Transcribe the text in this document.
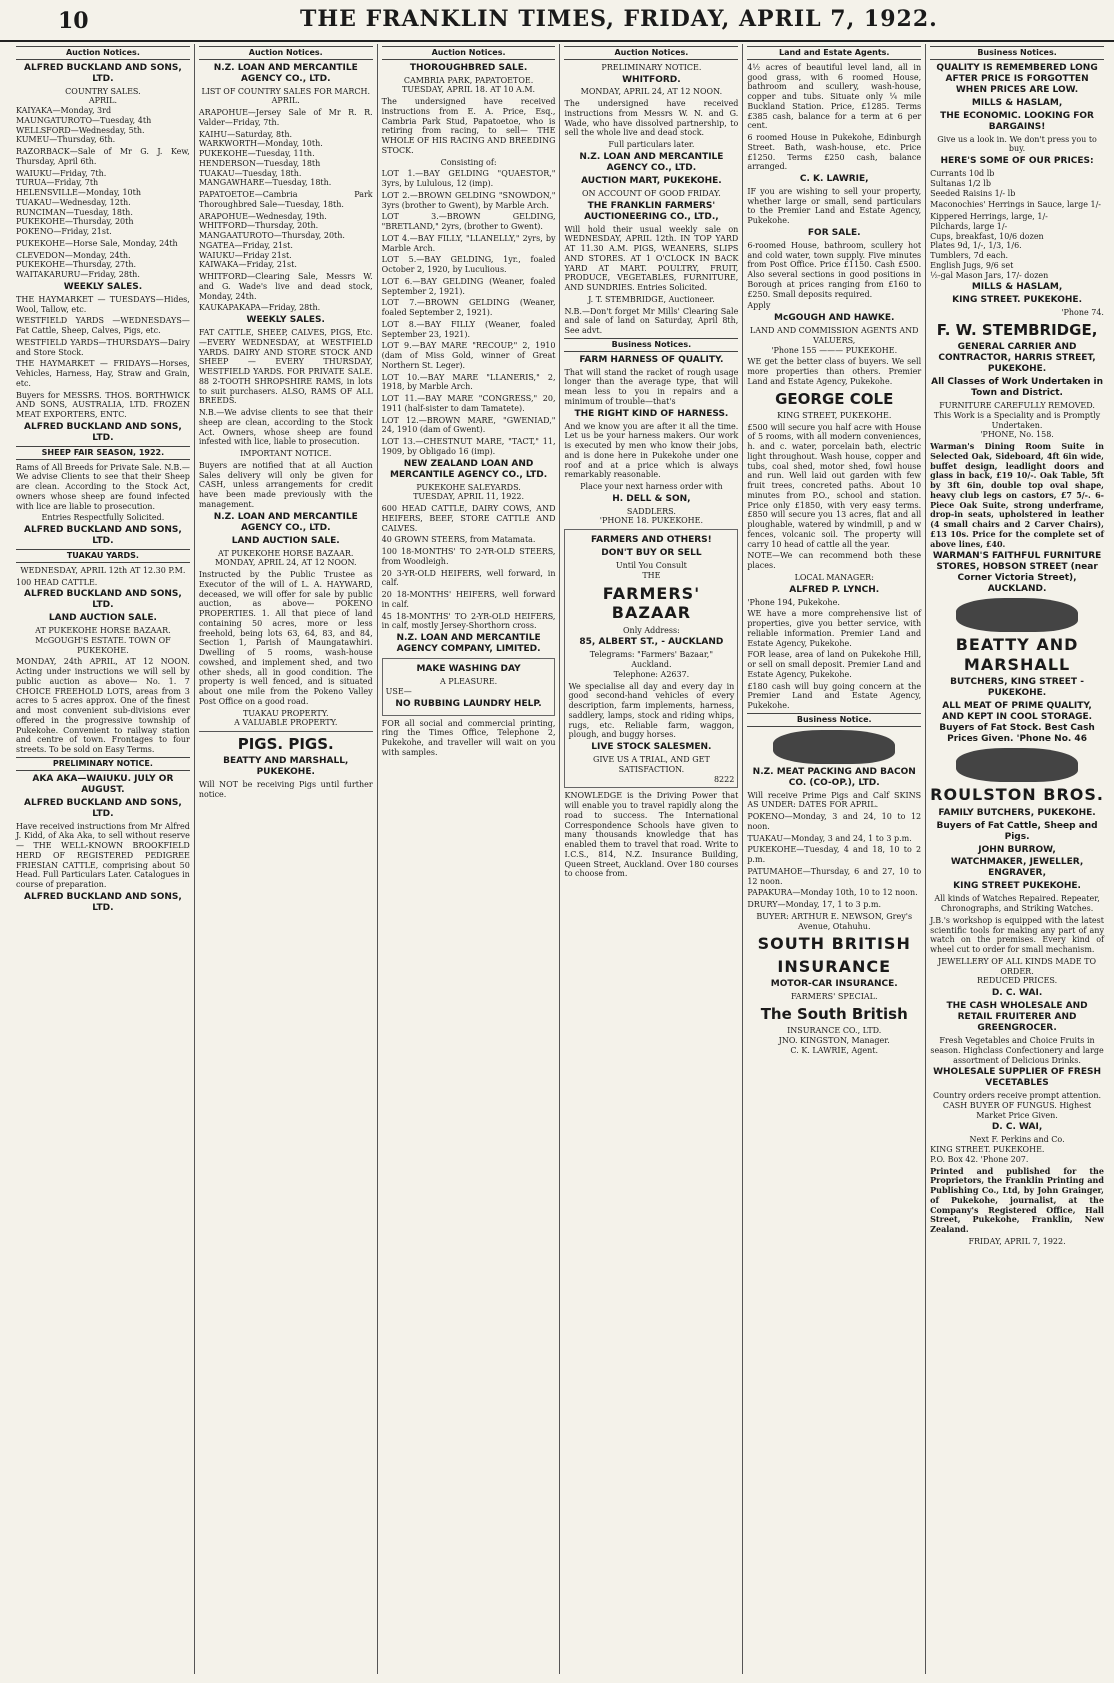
10	THE FRANKLIN TIMES, FRIDAY, APRIL 7, 1922.
Auction Notices.
ALFRED BUCKLAND AND SONS, LTD.
COUNTRY SALES.
APRIL.
KAIYAKA—Monday, 3rd
MAUNGATUROTO—Tuesday, 4th
WELLSFORD—Wednesday, 5th.
KUMEU—Thursday, 6th.
RAZORBACK—Sale of Mr G. J. Kew, Thursday, April 6th.
WAIUKU—Friday, 7th.
TURUA—Friday, 7th
HELENSVILLE—Monday, 10th
TUAKAU—Wednesday, 12th.
RUNCIMAN—Tuesday, 18th.
PUKEKOHE—Thursday, 20th
POKENO—Friday, 21st.
PUKEKOHE—Horse Sale, Monday, 24th
CLEVEDON—Monday, 24th.
PUKEKOHE—Thursday, 27th.
WAITAKARURU—Friday, 28th.
WEEKLY SALES.
THE HAYMARKET — TUESDAYS—Hides, Wool, Tallow, etc.
WESTFIELD YARDS —WEDNESDAYS—Fat Cattle, Sheep, Calves, Pigs, etc.
WESTFIELD YARDS—THURSDAYS—Dairy and Store Stock.
THE HAYMARKET — FRIDAYS—Horses, Vehicles, Harness, Hay, Straw and Grain, etc.
Buyers for MESSRS. THOS. BORTHWICK AND SONS, AUSTRALIA, LTD. FROZEN MEAT EXPORTERS, ENTC.
ALFRED BUCKLAND AND SONS, LTD.
SHEEP FAIR SEASON, 1922.
Rams of All Breeds for Private Sale. N.B.—We advise Clients to see that their Sheep are clean. According to the Stock Act, owners whose sheep are found infected with lice are liable to prosecution.
Entries Respectfully Solicited.
ALFRED BUCKLAND AND SONS, LTD.
TUAKAU YARDS.
WEDNESDAY, APRIL 12th AT 12.30 P.M.
100 HEAD CATTLE.
ALFRED BUCKLAND AND SONS, LTD.
LAND AUCTION SALE.
AT PUKEKOHE HORSE BAZAAR. McGOUGH'S ESTATE. TOWN OF PUKEKOHE.
MONDAY, 24th APRIL, AT 12 NOON. Acting under instructions we will sell by public auction as above— No. 1. 7 CHOICE FREEHOLD LOTS, areas from 3 acres to 5 acres approx. One of the finest and most convenient sub-divisions ever offered in the progressive township of Pukekohe. Convenient to railway station and centre of town. Frontages to four streets. To be sold on Easy Terms.
PRELIMINARY NOTICE.
AKA AKA—WAIUKU. JULY OR AUGUST.
ALFRED BUCKLAND AND SONS, LTD.
Have received instructions from Mr Alfred J. Kidd, of Aka Aka, to sell without reserve— THE WELL-KNOWN BROOKFIELD HERD OF REGISTERED PEDIGREE FRIESIAN CATTLE, comprising about 50 Head. Full Particulars Later. Catalogues in course of preparation.
ALFRED BUCKLAND AND SONS, LTD.
Auction Notices.
N.Z. LOAN AND MERCANTILE AGENCY CO., LTD.
LIST OF COUNTRY SALES FOR MARCH.
APRIL.
ARAPOHUE—Jersey Sale of Mr R. R. Valder—Friday, 7th.
KAIHU—Saturday, 8th.
WARKWORTH—Monday, 10th.
PUKEKOHE—Tuesday, 11th.
HENDERSON—Tuesday, 18th
TUAKAU—Tuesday, 18th.
MANGAWHARE—Tuesday, 18th.
PAPATOETOE—Cambria Park Thoroughbred Sale—Tuesday, 18th.
ARAPOHUE—Wednesday, 19th.
WHITFORD—Thursday, 20th.
MANGAATUROTO—Thursday, 20th.
NGATEA—Friday, 21st.
WAIUKU—Friday 21st.
KAIWAKA—Friday, 21st.
WHITFORD—Clearing Sale, Messrs W. and G. Wade's live and dead stock, Monday, 24th.
KAUKAPAKAPA—Friday, 28th.
WEEKLY SALES.
FAT CATTLE, SHEEP, CALVES, PIGS, Etc.—EVERY WEDNESDAY, at WESTFIELD YARDS. DAIRY AND STORE STOCK AND SHEEP — EVERY THURSDAY, WESTFIELD YARDS. FOR PRIVATE SALE. 88 2-TOOTH SHROPSHIRE RAMS, in lots to suit purchasers. ALSO, RAMS OF ALL BREEDS.
N.B.—We advise clients to see that their sheep are clean, according to the Stock Act. Owners, whose sheep are found infested with lice, liable to prosecution.
IMPORTANT NOTICE.
Buyers are notified that at all Auction Sales delivery will only be given for CASH, unless arrangements for credit have been made previously with the management.
N.Z. LOAN AND MERCANTILE AGENCY CO., LTD.
LAND AUCTION SALE.
AT PUKEKOHE HORSE BAZAAR. MONDAY, APRIL 24, AT 12 NOON.
Instructed by the Public Trustee as Executor of the will of L. A. HAYWARD, deceased, we will offer for sale by public auction, as above— POKENO PROPERTIES. 1. All that piece of land containing 50 acres, more or less freehold, being lots 63, 64, 83, and 84, Section 1, Parish of Maungatawhiri. Dwelling of 5 rooms, wash-house cowshed, and implement shed, and two other sheds, all in good condition. The property is well fenced, and is situated about one mile from the Pokeno Valley Post Office on a good road.
TUAKAU PROPERTY.
A VALUABLE PROPERTY.
PIGS. PIGS.
BEATTY AND MARSHALL, PUKEKOHE.
Will NOT be receiving Pigs until further notice.
Auction Notices.
THOROUGHBRED SALE.
CAMBRIA PARK, PAPATOETOE.
TUESDAY, APRIL 18. AT 10 A.M.
The undersigned have received instructions from E. A. Price, Esq., Cambria Park Stud, Papatoetoe, who is retiring from racing, to sell— THE WHOLE OF HIS RACING AND BREEDING STOCK.
Consisting of:
LOT 1.—BAY GELDING "QUAESTOR," 3yrs, by Lululous, 12 (imp).
LOT 2.—BROWN GELDING "SNOWDON," 3yrs (brother to Gwent), by Marble Arch.
LOT 3.—BROWN GELDING, "BRETLAND," 2yrs, (brother to Gwent).
LOT 4.—BAY FILLY, "LLANELLY," 2yrs, by Marble Arch.
LOT 5.—BAY GELDING, 1yr., foaled October 2, 1920, by Luculious.
LOT 6.—BAY GELDING (Weaner, foaled September 2, 1921).
LOT 7.—BROWN GELDING (Weaner, foaled September 2, 1921).
LOT 8.—BAY FILLY (Weaner, foaled September 23, 1921).
LOT 9.—BAY MARE "RECOUP," 2, 1910 (dam of Miss Gold, winner of Great Northern St. Leger).
LOT 10.—BAY MARE "LLANERIS," 2, 1918, by Marble Arch.
LOT 11.—BAY MARE "CONGRESS," 20, 1911 (half-sister to dam Tamatete).
LOT 12.—BROWN MARE, "GWENIAD," 24, 1910 (dam of Gwent).
LOT 13.—CHESTNUT MARE, "TACT," 11, 1909, by Obligado 16 (imp).
NEW ZEALAND LOAN AND MERCANTILE AGENCY CO., LTD.
PUKEKOHE SALEYARDS.
TUESDAY, APRIL 11, 1922.
600 HEAD CATTLE, DAIRY COWS, AND HEIFERS, BEEF, STORE CATTLE AND CALVES.
40 GROWN STEERS, from Matamata.
100 18-MONTHS' TO 2-YR-OLD STEERS, from Woodleigh.
20 3-YR-OLD HEIFERS, well forward, in calf.
20 18-MONTHS' HEIFERS, well forward in calf.
45 18-MONTHS' TO 2-YR-OLD HEIFERS, in calf, mostly Jersey-Shorthorn cross.
N.Z. LOAN AND MERCANTILE AGENCY COMPANY, LIMITED.
MAKE WASHING DAY
A PLEASURE.
USE—
NO RUBBING LAUNDRY HELP.
FOR all social and commercial printing, ring the Times Office, Telephone 2, Pukekohe, and traveller will wait on you with samples.
Auction Notices.
PRELIMINARY NOTICE.
WHITFORD.
MONDAY, APRIL 24, AT 12 NOON.
The undersigned have received instructions from Messrs W. N. and G. Wade, who have dissolved partnership, to sell the whole live and dead stock.
Full particulars later.
N.Z. LOAN AND MERCANTILE AGENCY CO., LTD.
AUCTION MART, PUKEKOHE.
ON ACCOUNT OF GOOD FRIDAY.
THE FRANKLIN FARMERS' AUCTIONEERING CO., LTD.,
Will hold their usual weekly sale on WEDNESDAY, APRIL 12th. IN TOP YARD AT 11.30 A.M. PIGS, WEANERS, SLIPS AND STORES. AT 1 O'CLOCK IN BACK YARD AT MART. POULTRY, FRUIT, PRODUCE, VEGETABLES, FURNITURE, AND SUNDRIES. Entries Solicited.
J. T. STEMBRIDGE, Auctioneer.
N.B.—Don't forget Mr Mills' Clearing Sale and sale of land on Saturday, April 8th, See advt.
Business Notices.
FARM HARNESS OF QUALITY.
That will stand the racket of rough usage longer than the average type, that will mean less to you in repairs and a minimum of trouble—that's
THE RIGHT KIND OF HARNESS.
And we know you are after it all the time. Let us be your harness makers. Our work is executed by men who know their jobs, and is done here in Pukekohe under one roof and at a price which is always remarkably reasonable.
Place your next harness order with
H. DELL & SON,
SADDLERS.
'PHONE 18. PUKEKOHE.
FARMERS AND OTHERS!
DON'T BUY OR SELL
Until You Consult
THE
FARMERS' BAZAAR
Only Address:
85, ALBERT ST., - AUCKLAND
Telegrams: "Farmers' Bazaar," Auckland.
Telephone: A2637.
We specialise all day and every day in good second-hand vehicles of every description, farm implements, harness, saddlery, lamps, stock and riding whips, rugs, etc. Reliable farm, waggon, plough, and buggy horses.
LIVE STOCK SALESMEN.
GIVE US A TRIAL, AND GET SATISFACTION.
8222
KNOWLEDGE is the Driving Power that will enable you to travel rapidly along the road to success. The International Correspondence Schools have given to many thousands knowledge that has enabled them to travel that road. Write to I.C.S., 814, N.Z. Insurance Building, Queen Street, Auckland. Over 180 courses to choose from.
Land and Estate Agents.
4½ acres of beautiful level land, all in good grass, with 6 roomed House, bathroom and scullery, wash-house, copper and tubs. Situate only ¼ mile Buckland Station. Price, £1285. Terms £385 cash, balance for a term at 6 per cent.
6 roomed House in Pukekohe, Edinburgh Street. Bath, wash-house, etc. Price £1250. Terms £250 cash, balance arranged.
C. K. LAWRIE,
IF you are wishing to sell your property, whether large or small, send particulars to the Premier Land and Estate Agency, Pukekohe.
FOR SALE.
6-roomed House, bathroom, scullery hot and cold water, town supply. Five minutes from Post Office. Price £1150. Cash £500. Also several sections in good positions in Borough at prices ranging from £160 to £250. Small deposits required.
Apply
McGOUGH AND HAWKE.
LAND AND COMMISSION AGENTS AND VALUERS,
'Phone 155 ——— PUKEKOHE.
WE get the better class of buyers. We sell more properties than others. Premier Land and Estate Agency, Pukekohe.
GEORGE COLE
KING STREET, PUKEKOHE.
£500 will secure you half acre with House of 5 rooms, with all modern conveniences, h. and c. water, porcelain bath, electric light throughout. Wash house, copper and tubs, coal shed, motor shed, fowl house and run. Well laid out garden with few fruit trees, concreted paths. About 10 minutes from P.O., school and station. Price only £1850, with very easy terms. £850 will secure you 13 acres, flat and all ploughable, watered by windmill, p and w fences, volcanic soil. The property will carry 10 head of cattle all the year.
NOTE—We can recommend both these places.
LOCAL MANAGER:
ALFRED P. LYNCH.
'Phone 194, Pukekohe.
WE have a more comprehensive list of properties, give you better service, with reliable information. Premier Land and Estate Agency, Pukekohe.
FOR lease, area of land on Pukekohe Hill, or sell on small deposit. Premier Land and Estate Agency, Pukekohe.
£180 cash will buy going concern at the Premier Land and Estate Agency, Pukekohe.
Business Notice.
N.Z. MEAT PACKING AND BACON CO. (CO-OP.), LTD.
Will receive Prime Pigs and Calf SKINS AS UNDER: DATES FOR APRIL.
POKENO—Monday, 3 and 24, 10 to 12 noon.
TUAKAU—Monday, 3 and 24, 1 to 3 p.m.
PUKEKOHE—Tuesday, 4 and 18, 10 to 2 p.m.
PATUMAHOE—Thursday, 6 and 27, 10 to 12 noon.
PAPAKURA—Monday 10th, 10 to 12 noon.
DRURY—Monday, 17, 1 to 3 p.m.
BUYER: ARTHUR E. NEWSON, Grey's Avenue, Otahuhu.
SOUTH BRITISH
INSURANCE
MOTOR-CAR INSURANCE.
FARMERS' SPECIAL.
The South British
INSURANCE CO., LTD.
JNO. KINGSTON, Manager.
C. K. LAWRIE, Agent.
Business Notices.
QUALITY IS REMEMBERED LONG AFTER PRICE IS FORGOTTEN WHEN PRICES ARE LOW.
MILLS & HASLAM,
THE ECONOMIC. LOOKING FOR BARGAINS!
Give us a look in. We don't press you to buy.
HERE'S SOME OF OUR PRICES:
Currants 10d lb
Sultanas 1/2 lb
Seeded Raisins 1/- lb
Maconochies' Herrings in Sauce, large 1/-
Kippered Herrings, large, 1/-
Pilchards, large 1/-
Cups, breakfast, 10/6 dozen
Plates 9d, 1/-, 1/3, 1/6.
Tumblers, 7d each.
English Jugs, 9/6 set
½-gal Mason Jars, 17/- dozen
MILLS & HASLAM,
KING STREET. PUKEKOHE.
'Phone 74.
F. W. STEMBRIDGE,
GENERAL CARRIER AND CONTRACTOR, HARRIS STREET, PUKEKOHE.
All Classes of Work Undertaken in Town and District.
FURNITURE CAREFULLY REMOVED.
This Work is a Speciality and is Promptly Undertaken.
'PHONE, No. 158.
Warman's Dining Room Suite in Selected Oak, Sideboard, 4ft 6in wide, buffet design, leadlight doors and glass in back, £19 10/-. Oak Table, 5ft by 3ft 6in, double top oval shape, heavy club legs on castors, £7 5/-. 6-Piece Oak Suite, strong underframe, drop-in seats, upholstered in leather (4 small chairs and 2 Carver Chairs), £13 10s. Price for the complete set of above lines, £40.
WARMAN'S FAITHFUL FURNITURE STORES, HOBSON STREET (near Corner Victoria Street), AUCKLAND.
BEATTY AND MARSHALL
BUTCHERS, KING STREET - PUKEKOHE.
ALL MEAT OF PRIME QUALITY, AND KEPT IN COOL STORAGE. Buyers of Fat Stock. Best Cash Prices Given. 'Phone No. 46
ROULSTON BROS.
FAMILY BUTCHERS, PUKEKOHE.
Buyers of Fat Cattle, Sheep and Pigs.
JOHN BURROW,
WATCHMAKER, JEWELLER, ENGRAVER,
KING STREET PUKEKOHE.
All kinds of Watches Repaired. Repeater, Chronographs, and Striking Watches.
J.B.'s workshop is equipped with the latest scientific tools for making any part of any watch on the premises. Every kind of wheel cut to order for small mechanism.
JEWELLERY OF ALL KINDS MADE TO ORDER.
REDUCED PRICES.
D. C. WAI.
THE CASH WHOLESALE AND RETAIL FRUITERER AND GREENGROCER.
Fresh Vegetables and Choice Fruits in season. Highclass Confectionery and large assortment of Delicious Drinks.
WHOLESALE SUPPLIER OF FRESH VECETABLES
Country orders receive prompt attention. CASH BUYER OF FUNGUS. Highest Market Price Given.
D. C. WAI,
Next F. Perkins and Co.
KING STREET. PUKEKOHE.
P.O. Box 42. 'Phone 207.
Printed and published for the Proprietors, the Franklin Printing and Publishing Co., Ltd, by John Grainger, of Pukekohe, journalist, at the Company's Registered Office, Hall Street, Pukekohe, Franklin, New Zealand.
FRIDAY, APRIL 7, 1922.
